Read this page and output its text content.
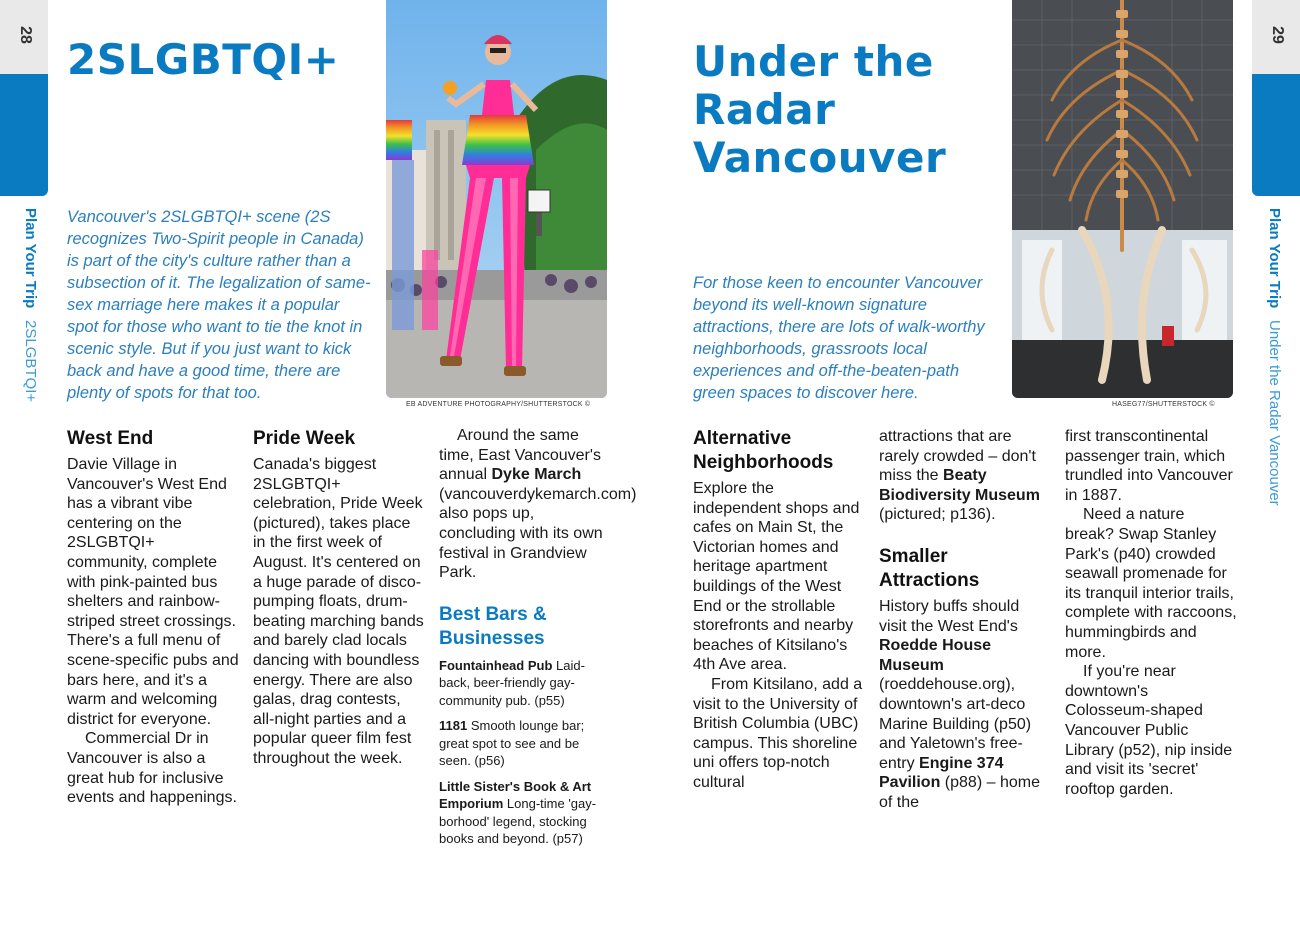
28
Plan Your Trip 2SLGBTQI+
2SLGBTQI+
Vancouver's 2SLGBTQI+ scene (2S recognizes Two-Spirit people in Canada) is part of the city's culture rather than a subsection of it. The legalization of same-sex marriage here makes it a popular spot for those who want to tie the knot in scenic style. But if you just want to kick back and have a good time, there are plenty of spots for that too.
EB ADVENTURE PHOTOGRAPHY/SHUTTERSTOCK ©
West End

Davie Village in Vancouver's West End has a vibrant vibe centering on the 2SLGBTQI+ community, complete with pink-painted bus shelters and rainbow-striped street crossings. There's a full menu of scene-specific pubs and bars here, and it's a warm and welcoming district for everyone.

Commercial Dr in Vancouver is also a great hub for inclusive events and happenings.

Pride Week

Canada's biggest 2SLGBTQI+ celebration, Pride Week (pictured), takes place in the first week of August. It's centered on a huge parade of disco-pumping floats, drum-beating marching bands and barely clad locals dancing with boundless energy. There are also galas, drag contests, all-night parties and a popular queer film fest throughout the week.

Around the same time, East Vancouver's annual Dyke March (vancouverdykemarch.com) also pops up, concluding with its own festival in Grandview Park.

Best Bars & Businesses
Fountainhead Pub Laid-back, beer-friendly gay-community pub. (p55)
1181 Smooth lounge bar; great spot to see and be seen. (p56)
Little Sister's Book & Art Emporium Long-time 'gay-borhood' legend, stocking books and beyond. (p57)
Under the
Radar
Vancouver
For those keen to encounter Vancouver beyond its well-known signature attractions, there are lots of walk-worthy neighborhoods, grassroots local experiences and off-the-beaten-path green spaces to discover here.
HASEG77/SHUTTERSTOCK ©
Alternative Neighborhoods

Explore the independent shops and cafes on Main St, the Victorian homes and heritage apartment buildings of the West End or the strollable storefronts and nearby beaches of Kitsilano's 4th Ave area.

From Kitsilano, add a visit to the University of British Columbia (UBC) campus. This shoreline uni offers top-notch cultural

attractions that are rarely crowded – don't miss the Beaty Biodiversity Museum (pictured; p136).

Smaller Attractions

History buffs should visit the West End's Roedde House Museum (roeddehouse.org), downtown's art-deco Marine Building (p50) and Yaletown's free-entry Engine 374 Pavilion (p88) – home of the

first transcontinental passenger train, which trundled into Vancouver in 1887.

Need a nature break? Swap Stanley Park's (p40) crowded seawall promenade for its tranquil interior trails, complete with raccoons, hummingbirds and more.

If you're near downtown's Colosseum-shaped Vancouver Public Library (p52), nip inside and visit its 'secret' rooftop garden.

29
Plan Your Trip Under the Radar Vancouver
